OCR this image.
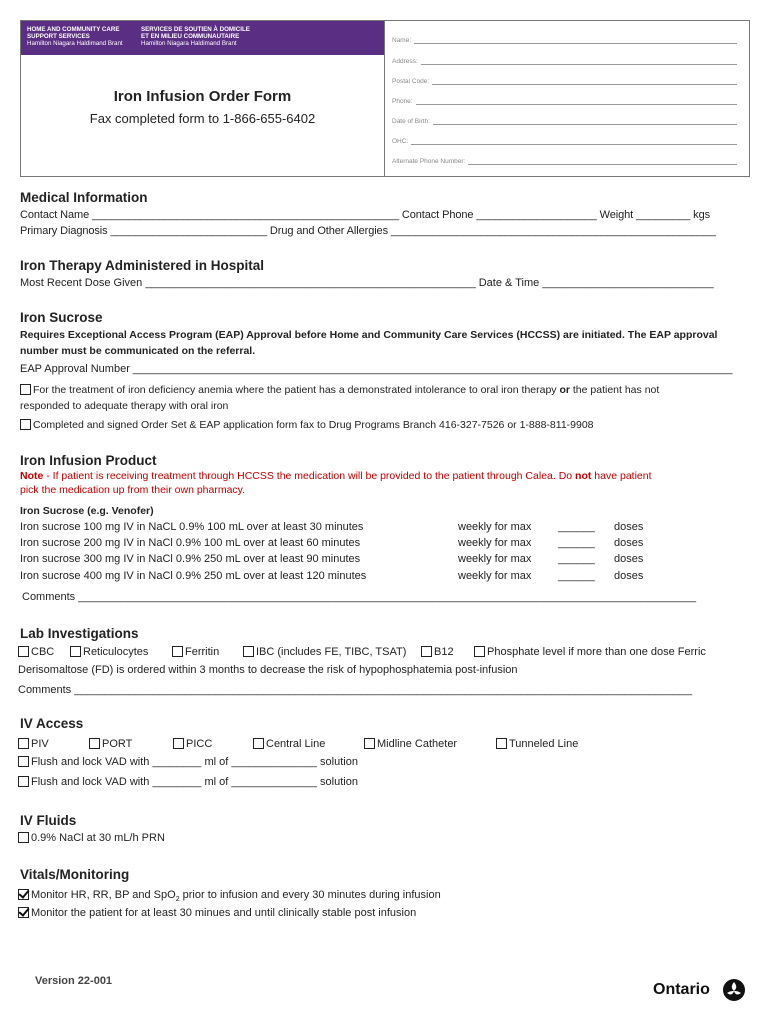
HOME AND COMMUNITY CARE
SUPPORT SERVICES
Hamilton Niagara Haldimand Brant
SERVICES DE SOUTIEN À DOMICILE
ET EN MILIEU COMMUNAUTAIRE
Hamilton Niagara Haldimand Brant
Iron Infusion Order Form
Fax completed form to 1-866-655-6402
Name:
Address:
Postal Code:
Phone:
Date of Birth:
OHC:
Alternate Phone Number:
Medical Information
Contact Name ___________________________________________________ Contact Phone ____________________ Weight _________ kgs
Primary Diagnosis __________________________ Drug and Other Allergies ______________________________________________________
Iron Therapy Administered in Hospital
Most Recent Dose Given ______________________________________________________ Date & Time ____________________________
Iron Sucrose
Requires Exceptional Access Program (EAP) Approval before Home and Community Care Services (HCCSS) are initiated. The EAP approval
number must be communicated on the referral.
EAP Approval Number __________________________________________________________________________________________________
For the treatment of iron deficiency anemia where the patient has a demonstrated intolerance to oral iron therapy or the patient has not
responded to adequate therapy with oral iron
Completed and signed Order Set & EAP application form fax to Drug Programs Branch 416-327-7526 or 1-888-811-9908
Iron Infusion Product
Note - If patient is receiving treatment through HCCSS the medication will be provided to the patient through Calea. Do not have patient
pick the medication up from their own pharmacy.
Iron Sucrose (e.g. Venofer)
Iron sucrose 100 mg IV in NaCL 0.9% 100 mL over at least 30 minutes	weekly for max ______ doses
Iron sucrose 200 mg IV in NaCl 0.9% 100 mL over at least 60 minutes	weekly for max ______ doses
Iron sucrose 300 mg IV in NaCl 0.9% 250 mL over at least 90 minutes	weekly for max ______ doses
Iron sucrose 400 mg IV in NaCl 0.9% 250 mL over at least 120 minutes	weekly for max ______ doses
Comments _____________________________________________________________________________________________________
Lab Investigations
CBC	Reticulocytes	Ferritin	IBC (includes FE, TIBC, TSAT)	B12	Phosphate level if more than one dose Ferric
Derisomaltose (FD) is ordered within 3 months to decrease the risk of hypophosphatemia post-infusion
Comments _____________________________________________________________________________________________________
IV Access
PIV	PORT	PICC	Central Line	Midline Catheter	Tunneled Line
Flush and lock VAD with ________ ml of ______________ solution
Flush and lock VAD with ________ ml of ______________ solution
IV Fluids
0.9% NaCl at 30 mL/h PRN
Vitals/Monitoring
Monitor HR, RR, BP and SpO$_2$ prior to infusion and every 30 minutes during infusion
Monitor the patient for at least 30 minues and until clinically stable post infusion
Version 22-001	Ontario
